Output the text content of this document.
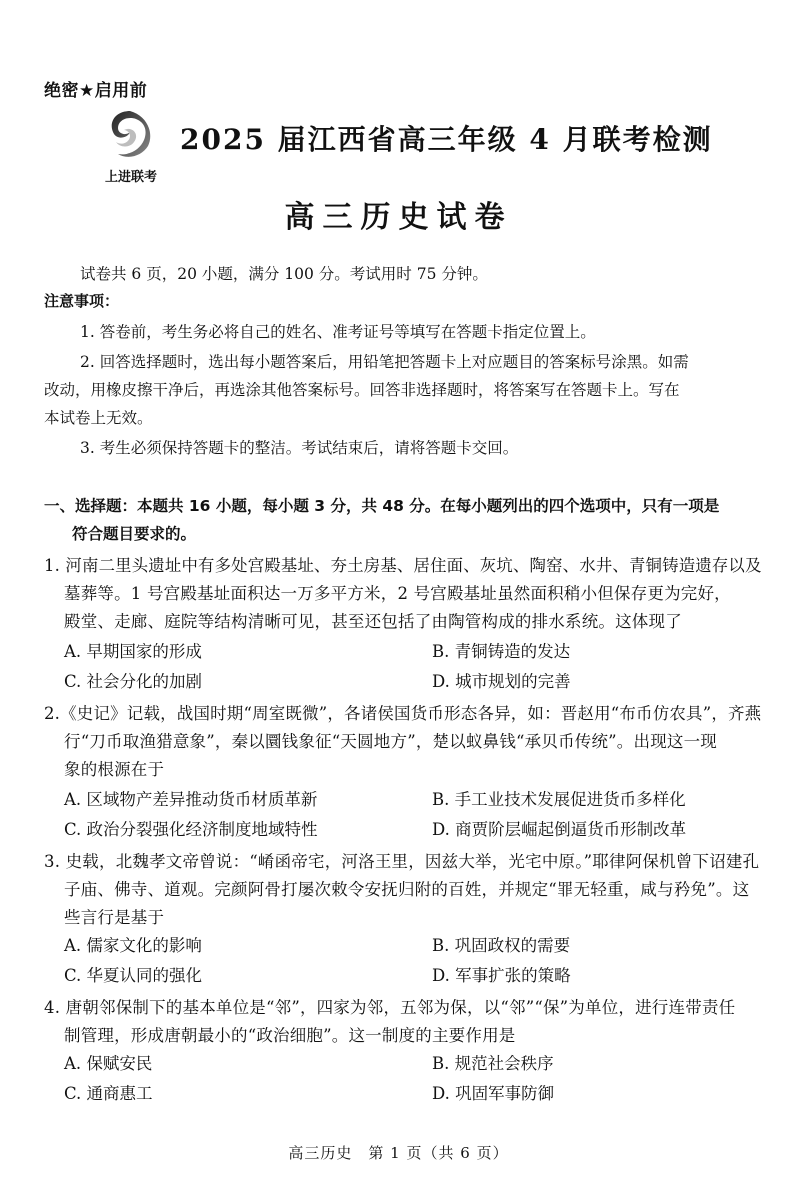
绝密★启用前
上进联考
2025 届江西省高三年级 4 月联考检测
高三历史试卷
试卷共 6 页，20 小题，满分 100 分。考试用时 75 分钟。
注意事项：
1. 答卷前，考生务必将自己的姓名、准考证号等填写在答题卡指定位置上。
2. 回答选择题时，选出每小题答案后，用铅笔把答题卡上对应题目的答案标号涂黑。如需
改动，用橡皮擦干净后，再选涂其他答案标号。回答非选择题时，将答案写在答题卡上。写在
本试卷上无效。
3. 考生必须保持答题卡的整洁。考试结束后，请将答题卡交回。
一、选择题：本题共 16 小题，每小题 3 分，共 48 分。在每小题列出的四个选项中，只有一项是
符合题目要求的。
1. 河南二里头遗址中有多处宫殿基址、夯土房基、居住面、灰坑、陶窑、水井、青铜铸造遗存以及
墓葬等。1 号宫殿基址面积达一万多平方米，2 号宫殿基址虽然面积稍小但保存更为完好，
殿堂、走廊、庭院等结构清晰可见，甚至还包括了由陶管构成的排水系统。这体现了
A. 早期国家的形成	B. 青铜铸造的发达
C. 社会分化的加剧	D. 城市规划的完善
2.《史记》记载，战国时期“周室既微”，各诸侯国货币形态各异，如：晋赵用“布币仿农具”，齐燕
行“刀币取渔猎意象”，秦以圜钱象征“天圆地方”，楚以蚁鼻钱“承贝币传统”。出现这一现
象的根源在于
A. 区域物产差异推动货币材质革新	B. 手工业技术发展促进货币多样化
C. 政治分裂强化经济制度地域特性	D. 商贾阶层崛起倒逼货币形制改革
3. 史载，北魏孝文帝曾说：“崤函帝宅，河洛王里，因兹大举，光宅中原。”耶律阿保机曾下诏建孔
子庙、佛寺、道观。完颜阿骨打屡次敕令安抚归附的百姓，并规定“罪无轻重，咸与矜免”。这
些言行是基于
A. 儒家文化的影响	B. 巩固政权的需要
C. 华夏认同的强化	D. 军事扩张的策略
4. 唐朝邻保制下的基本单位是“邻”，四家为邻，五邻为保，以“邻”“保”为单位，进行连带责任
制管理，形成唐朝最小的“政治细胞”。这一制度的主要作用是
A. 保赋安民	B. 规范社会秩序
C. 通商惠工	D. 巩固军事防御
高三历史　第 1 页（共 6 页）
